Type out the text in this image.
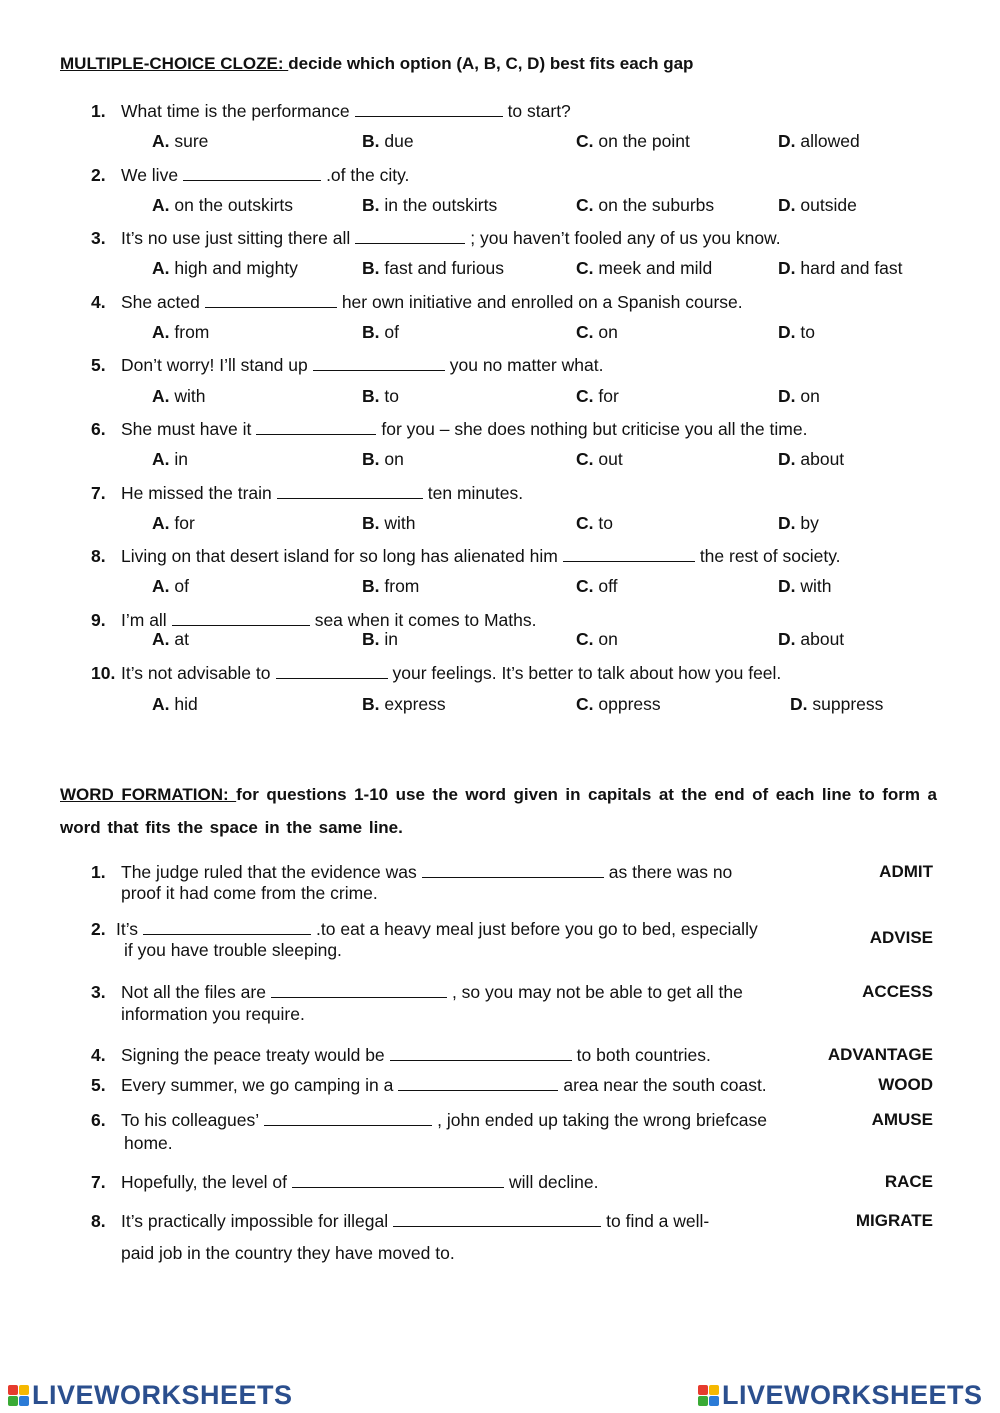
MULTIPLE-CHOICE CLOZE: decide which option (A, B, C, D) best fits each gap
1. What time is the performance	to start?
A. sure	B. due	C. on the point	D. allowed
2. We live	.of the city.
A. on the outskirts	B. in the outskirts	C. on the suburbs	D. outside
3. It’s no use just sitting there all	; you haven’t fooled any of us you know.
A. high and mighty	B. fast and furious	C. meek and mild	D. hard and fast
4. She acted	her own initiative and enrolled on a Spanish course.
A. from	B. of	C. on	D. to
5. Don’t worry! I’ll stand up	you no matter what.
A. with	B. to	C. for	D. on
6. She must have it	for you – she does nothing but criticise you all the time.
A. in	B. on	C. out	D. about
7. He missed the train	ten minutes.
A. for	B. with	C. to	D. by
8. Living on that desert island for so long has alienated him	the rest of society.
A. of	B. from	C. off	D. with
9. I’m all	sea when it comes to Maths.
A. at	B. in	C. on	D. about
10. It’s not advisable to	your feelings. It’s better to talk about how you feel.
A. hid	B. express	C. oppress	D. suppress
WORD FORMATION: for questions 1-10 use the word given in capitals at the end of each line to form a word that fits the space in the same line.
1. The judge ruled that the evidence was	as there was no
proof it had come from the crime.
ADMIT
2. It’s	.to eat a heavy meal just before you go to bed, especially
if you have trouble sleeping.
ADVISE
3. Not all the files are	, so you may not be able to get all the
information you require.
ACCESS
4. Signing the peace treaty would be	to both countries.	ADVANTAGE
5. Every summer, we go camping in a	area near the south coast.	WOOD
6. To his colleagues’	, john ended up taking the wrong briefcase
home.
AMUSE
7. Hopefully, the level of	will decline.	RACE
8. It’s practically impossible for illegal	to find a well-
paid job in the country they have moved to.
MIGRATE
LIVEWORKSHEETS	LIVEWORKSHEETS
